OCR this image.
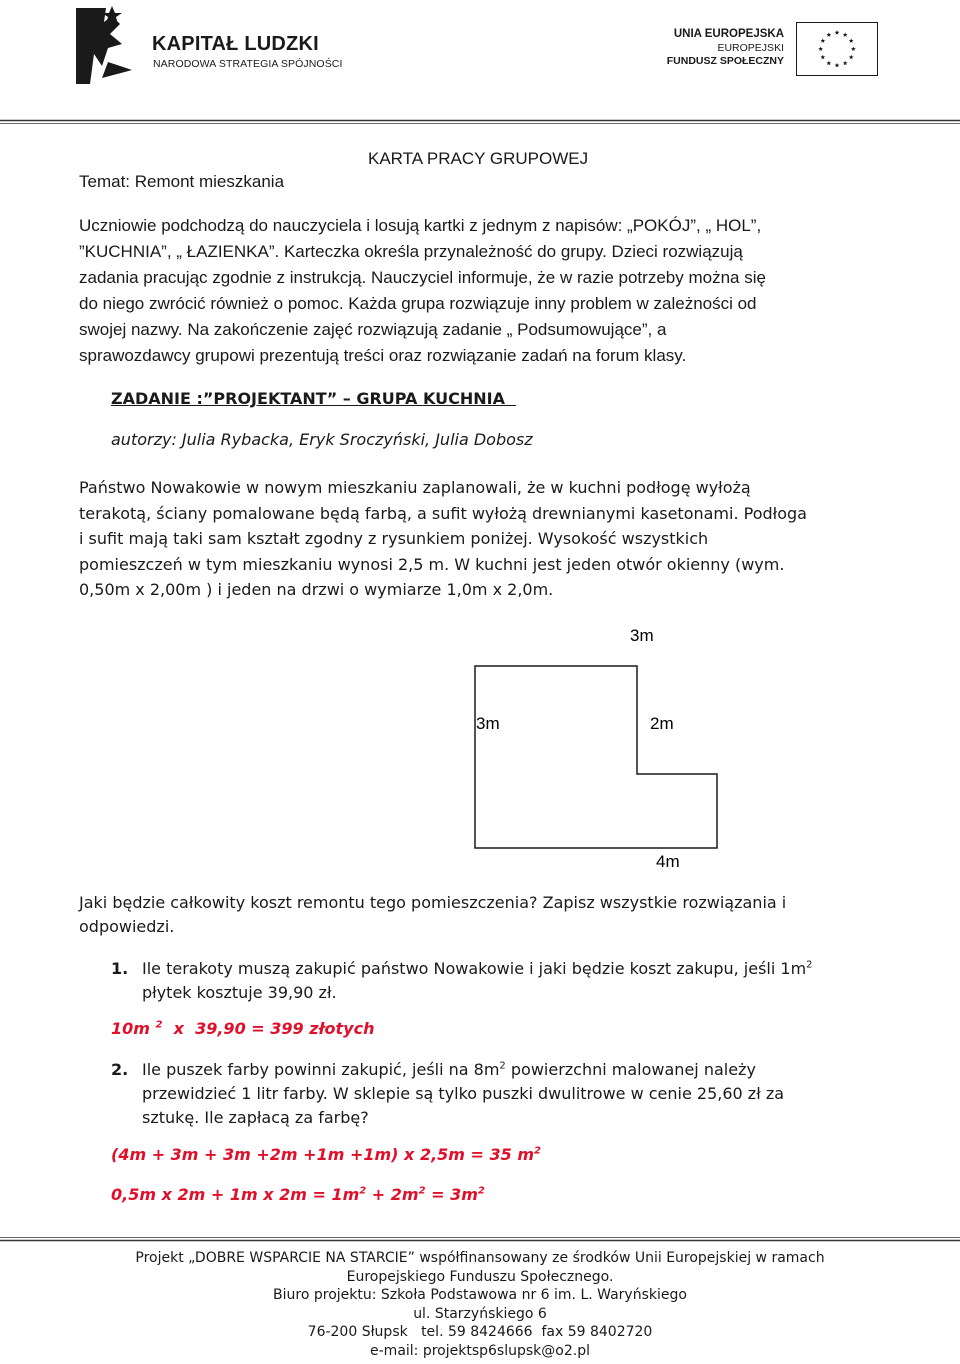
KAPITAŁ LUDZKI
NARODOWA STRATEGIA SPÓJNOŚCI
UNIA EUROPEJSKA
EUROPEJSKI
FUNDUSZ SPOŁECZNY
Temat: Remont mieszkania
KARTA PRACY GRUPOWEJ
Uczniowie podchodzą do nauczyciela i losują kartki z jednym z napisów: „POKÓJ”, „ HOL”,
”KUCHNIA”, „ ŁAZIENKA”. Karteczka określa przynależność do grupy. Dzieci rozwiązują
zadania pracując zgodnie z instrukcją. Nauczyciel informuje, że w razie potrzeby można się
do niego zwrócić również o pomoc. Każda grupa rozwiązuje inny problem w zależności od
swojej nazwy. Na zakończenie zajęć rozwiązują zadanie „ Podsumowujące”, a
sprawozdawcy grupowi prezentują treści oraz rozwiązanie zadań na forum klasy.
ZADANIE :”PROJEKTANT” – GRUPA KUCHNIA
autorzy: Julia Rybacka, Eryk Sroczyński, Julia Dobosz
Państwo Nowakowie w nowym mieszkaniu zaplanowali, że w kuchni podłogę wyłożą
terakotą, ściany pomalowane będą farbą, a sufit wyłożą drewnianymi kasetonami. Podłoga
i sufit mają taki sam kształt zgodny z rysunkiem poniżej. Wysokość wszystkich
pomieszczeń w tym mieszkaniu wynosi 2,5 m. W kuchni jest jeden otwór okienny (wym.
0,50m x 2,00m ) i jeden na drzwi o wymiarze 1,0m x 2,0m.
3m
3m	2m
4m
Jaki będzie całkowity koszt remontu tego pomieszczenia? Zapisz wszystkie rozwiązania i
odpowiedzi.
1. Ile terakoty muszą zakupić państwo Nowakowie i jaki będzie koszt zakupu, jeśli $1m^2$
płytek kosztuje 39,90 zł.
10m $^2$  x  39,90 = 399 złotych
2. Ile puszek farby powinni zakupić, jeśli na $8m^2$ powierzchni malowanej należy
przewidzieć 1 litr farby. W sklepie są tylko puszki dwulitrowe w cenie 25,60 zł za
sztukę. Ile zapłacą za farbę?
(4m + 3m + 3m +2m +1m +1m) x 2,5m = 35 $m^2$
0,5m x 2m + 1m x $2m = 1m^2 + 2m^2 = 3m^2$
Projekt „DOBRE WSPARCIE NA STARCIE” współfinansowany ze środków Unii Europejskiej w ramach
Europejskiego Funduszu Społecznego.
Biuro projektu: Szkoła Podstawowa nr 6 im. L. Waryńskiego
ul. Starzyńskiego 6
76-200 Słupsk   tel. 59 8424666  fax 59 8402720
e-mail: projektsp6slupsk@o2.pl
